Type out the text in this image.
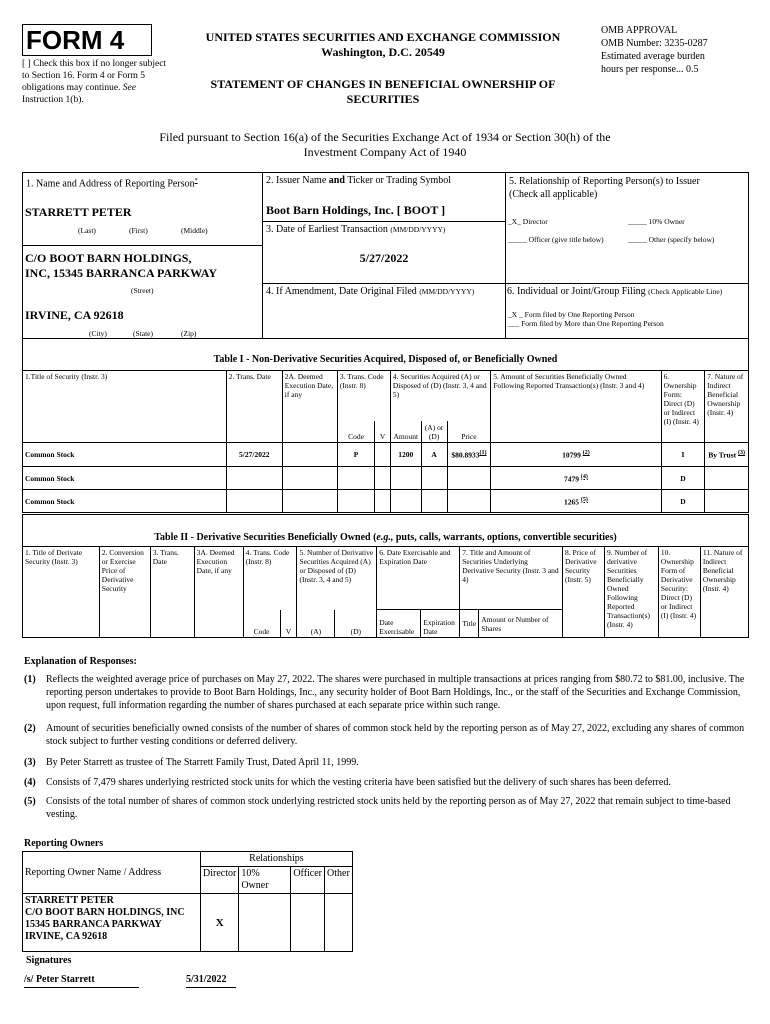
FORM 4
[ ] Check this box if no longer subject to Section 16. Form 4 or Form 5 obligations may continue. See Instruction 1(b).
UNITED STATES SECURITIES AND EXCHANGE COMMISSION
Washington, D.C. 20549
STATEMENT OF CHANGES IN BENEFICIAL OWNERSHIP OF SECURITIES
OMB APPROVAL
OMB Number: 3235-0287
Estimated average burden
hours per response... 0.5
Filed pursuant to Section 16(a) of the Securities Exchange Act of 1934 or Section 30(h) of the Investment Company Act of 1940
1. Name and Address of Reporting Person*
STARRETT PETER
(Last)	(First)	(Middle)
C/O BOOT BARN HOLDINGS,
INC, 15345 BARRANCA PARKWAY
(Street)
IRVINE, CA 92618
(City)	(State)	(Zip)
2. Issuer Name and Ticker or Trading Symbol
Boot Barn Holdings, Inc. [ BOOT ]
3. Date of Earliest Transaction (MM/DD/YYYY)
5/27/2022
4. If Amendment, Date Original Filed (MM/DD/YYYY)
5. Relationship of Reporting Person(s) to Issuer
(Check all applicable)
_X_ Director	_____ 10% Owner
_____ Officer (give title below)	_____ Other (specify below)
6. Individual or Joint/Group Filing (Check Applicable Line)
_X _ Form filed by One Reporting Person
___ Form filed by More than One Reporting Person
Table I - Non-Derivative Securities Acquired, Disposed of, or Beneficially Owned
1.Title of Security (Instr. 3)	2. Trans. Date	2A. Deemed Execution Date, if any	3. Trans. Code (Instr. 8)		4. Securities Acquired (A) or Disposed of (D) (Instr. 3, 4 and 5)			5. Amount of Securities Beneficially Owned Following Reported Transaction(s) (Instr. 3 and 4)	6. Ownership Form: Direct (D) or Indirect (I) (Instr. 4)	7. Nature of Indirect Beneficial Ownership (Instr. 4)
			Code	V	Amount	(A) or (D)	Price			
Common Stock	5/27/2022		P		1200	A	$80.8933$^{(1)}$	10799 $^{(2)}$	I	By Trust $^{(3)}$
Common Stock								7479 $^{(4)}$	D	
Common Stock								1265 $^{(5)}$	D	
Table II - Derivative Securities Beneficially Owned (e.g., puts, calls, warrants, options, convertible securities)
1. Title of Derivate Security (Instr. 3)	2. Conversion or Exercise Price of Derivative Security	3. Trans. Date	3A. Deemed Execution Date, if any	4. Trans. Code (Instr. 8)		5. Number of Derivative Securities Acquired (A) or Disposed of (D) (Instr. 3, 4 and 5)		6. Date Exercisable and Expiration Date		7. Title and Amount of Securities Underlying Derivative Security (Instr. 3 and 4)		8. Price of Derivative Security (Instr. 5)	9. Number of derivative Securities Beneficially Owned Following Reported Transaction(s) (Instr. 4)	10. Ownership Form of Derivative Security: Direct (D) or Indirect (I) (Instr. 4)	11. Nature of Indirect Beneficial Ownership (Instr. 4)
				Code	V	(A)	(D)	Date Exercisable	Expiration Date	Title	Amount or Number of Shares				
Explanation of Responses:
(1) Reflects the weighted average price of purchases on May 27, 2022. The shares were purchased in multiple transactions at prices ranging from $80.72 to $81.00, inclusive. The reporting person undertakes to provide to Boot Barn Holdings, Inc., any security holder of Boot Barn Holdings, Inc., or the staff of the Securities and Exchange Commission, upon request, full information regarding the number of shares purchased at each separate price within such range.
(2) Amount of securities beneficially owned consists of the number of shares of common stock held by the reporting person as of May 27, 2022, excluding any shares of common stock subject to further vesting conditions or deferred delivery.
(3) By Peter Starrett as trustee of The Starrett Family Trust, Dated April 11, 1999.
(4) Consists of 7,479 shares underlying restricted stock units for which the vesting criteria have been satisfied but the delivery of such shares has been deferred.
(5) Consists of the total number of shares of common stock underlying restricted stock units held by the reporting person as of May 27, 2022 that remain subject to time-based vesting.
Reporting Owners
Reporting Owner Name / Address	Relationships			
	Director	10% Owner	Officer	Other

STARRETT PETER
C/O BOOT BARN HOLDINGS, INC
15345 BARRANCA PARKWAY
IRVINE, CA 92618	X			
Signatures
/s/ Peter Starrett	5/31/2022
